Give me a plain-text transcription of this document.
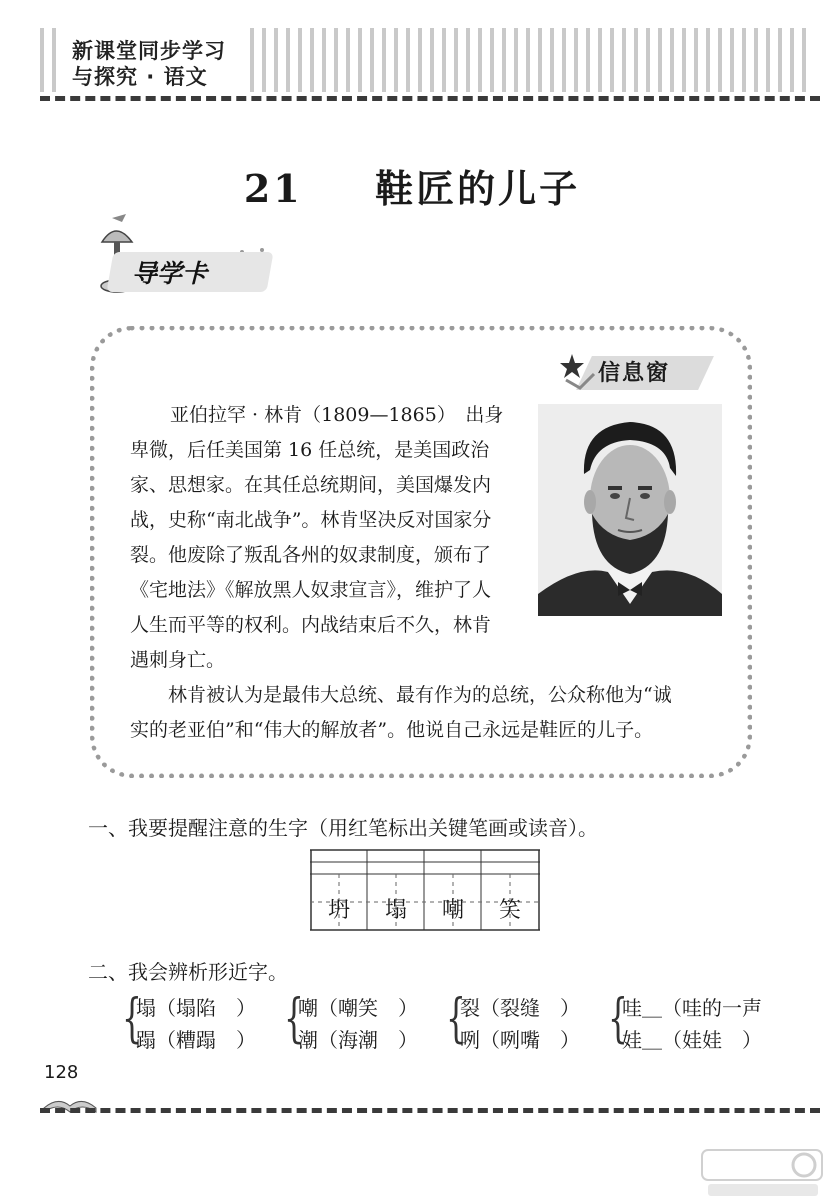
新课堂同步学习
与探究 · 语文
21 鞋匠的儿子
导学卡
信息窗
亚伯拉罕 · 林肯（1809—1865）　出身
卑微，后任美国第 16 任总统，是美国政治
家、思想家。在其任总统期间，美国爆发内
战，史称“南北战争”。林肯坚决反对国家分
裂。他废除了叛乱各州的奴隶制度，颁布了
《宅地法》《解放黑人奴隶宣言》，维护了人
人生而平等的权利。内战结束后不久，林肯
遇刺身亡。
林肯被认为是最伟大总统、最有作为的总统，公众称他为“诚实的老亚伯”和“伟大的解放者”。他说自己永远是鞋匠的儿子。
一、我要提醒注意的生字（用红笔标出关键笔画或读音）。
坍 塌 嘲 笑
二、我会辨析形近字。
{
塌（塌陷　）
蹋（糟蹋　） {
嘲（嘲笑　）
潮（海潮　） {
裂（裂缝　）
咧（咧嘴　） {
哇＿（哇的一声
娃＿（娃娃　）
128
